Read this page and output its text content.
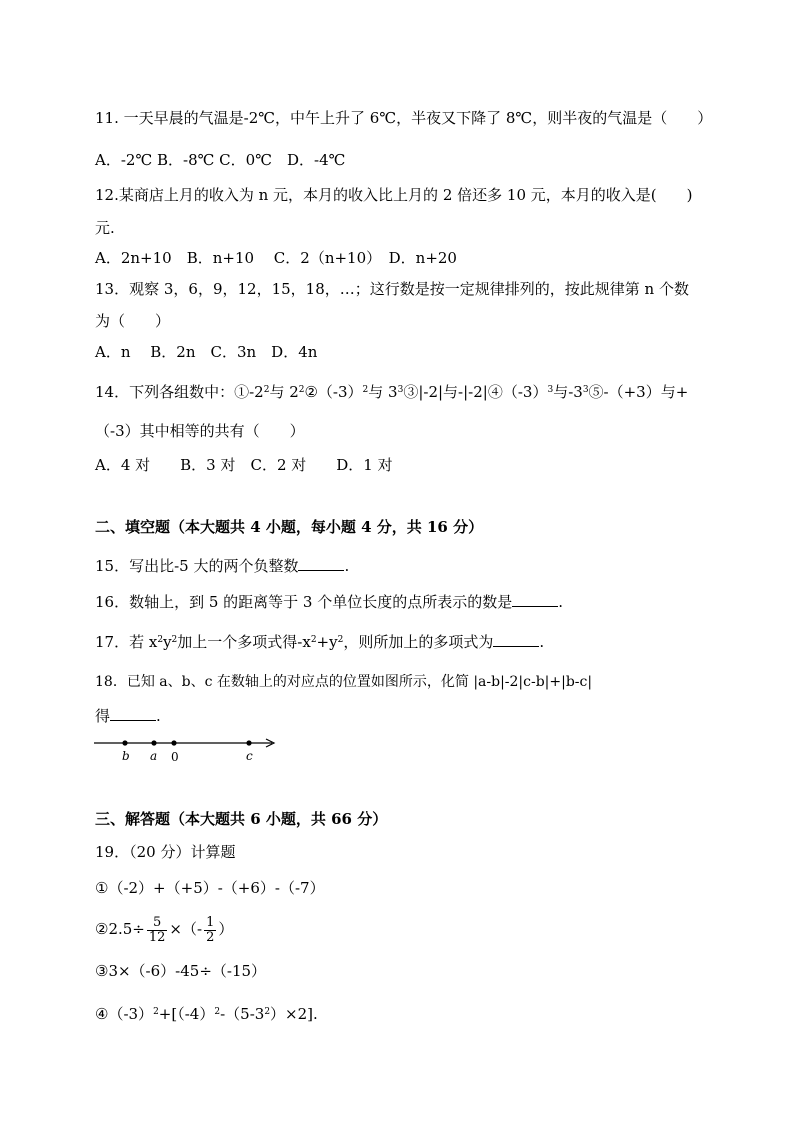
11. 一天早晨的气温是-2℃，中午上升了 6℃，半夜又下降了 8℃，则半夜的气温是（　　）
A．-2℃ B．-8℃ C．0℃　D．-4℃
12.某商店上月的收入为 n 元，本月的收入比上月的 2 倍还多 10 元，本月的收入是(　　)
元.
A．2n+10　B．n+10　 C．2（n+10）　D．n+20
13．观察 3，6，9，12，15，18，…；这行数是按一定规律排列的，按此规律第 n 个数
为（　　）
A．n　 B．2n　C．3n　D．4n
14．下列各组数中：$①-2^2$与 $2^2②(-3)^2$与 $3^3③|-2|$与$-|-2|④(-3)^3$与$-3^3⑤-(+3)$与+
（-3）其中相等的共有（　　）
A．4 对　　B．3 对　C．2 对　　D．1 对
二、填空题（本大题共 4 小题，每小题 4 分，共 16 分）
15．写出比-5 大的两个负整数	.
16．数轴上，到 5 的距离等于 3 个单位长度的点所表示的数是	.
17．若 $x^2y^2$加上一个多项式得$-x^2+y^2$，则所加上的多项式为	.
18．已知 a、b、c 在数轴上的对应点的位置如图所示，化简 |a-b|-2|c-b|+|b-c|
得	.
b a 0	c
三、解答题（本大题共 6 小题，共 66 分）
19．（20 分）计算题
①（-2）+（+5）-（+6）-（-7）
②2.5÷ $\frac{5}{12}$ ×（- $\frac{1}{2}$ ）
③3×（-6）-45÷（-15）
$④(-3)^2+[(-4)^2-(5-3^2)\times 2]$.
